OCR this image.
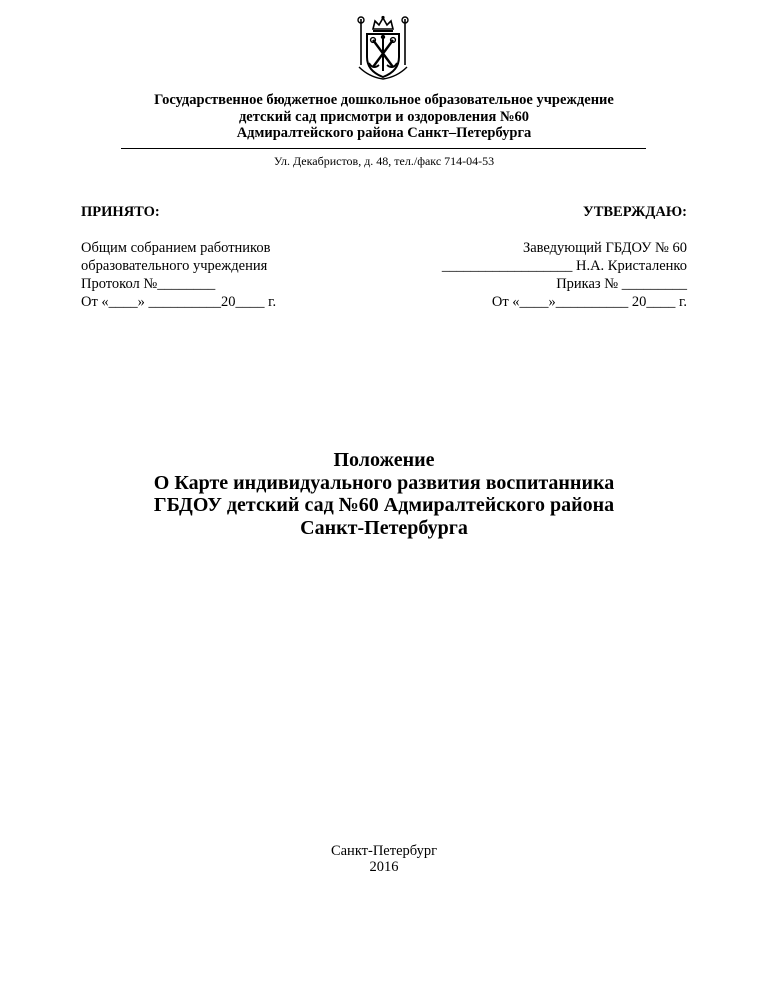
Государственное бюджетное дошкольное образовательное учреждение
детский сад присмотри и оздоровления №60
Адмиралтейского района Санкт–Петербурга
Ул. Декабристов, д. 48, тел./факс 714-04-53
ПРИНЯТО:
Общим собранием работников
образовательного учреждения
Протокол №________
От «____» __________20____ г.
УТВЕРЖДАЮ:
Заведующий ГБДОУ № 60
__________________ Н.А. Кристаленко
Приказ № _________
От «____»__________ 20____ г.
Положение
О Карте индивидуального развития воспитанника
ГБДОУ детский сад №60 Адмиралтейского района
Санкт-Петербурга
Санкт-Петербург
2016
